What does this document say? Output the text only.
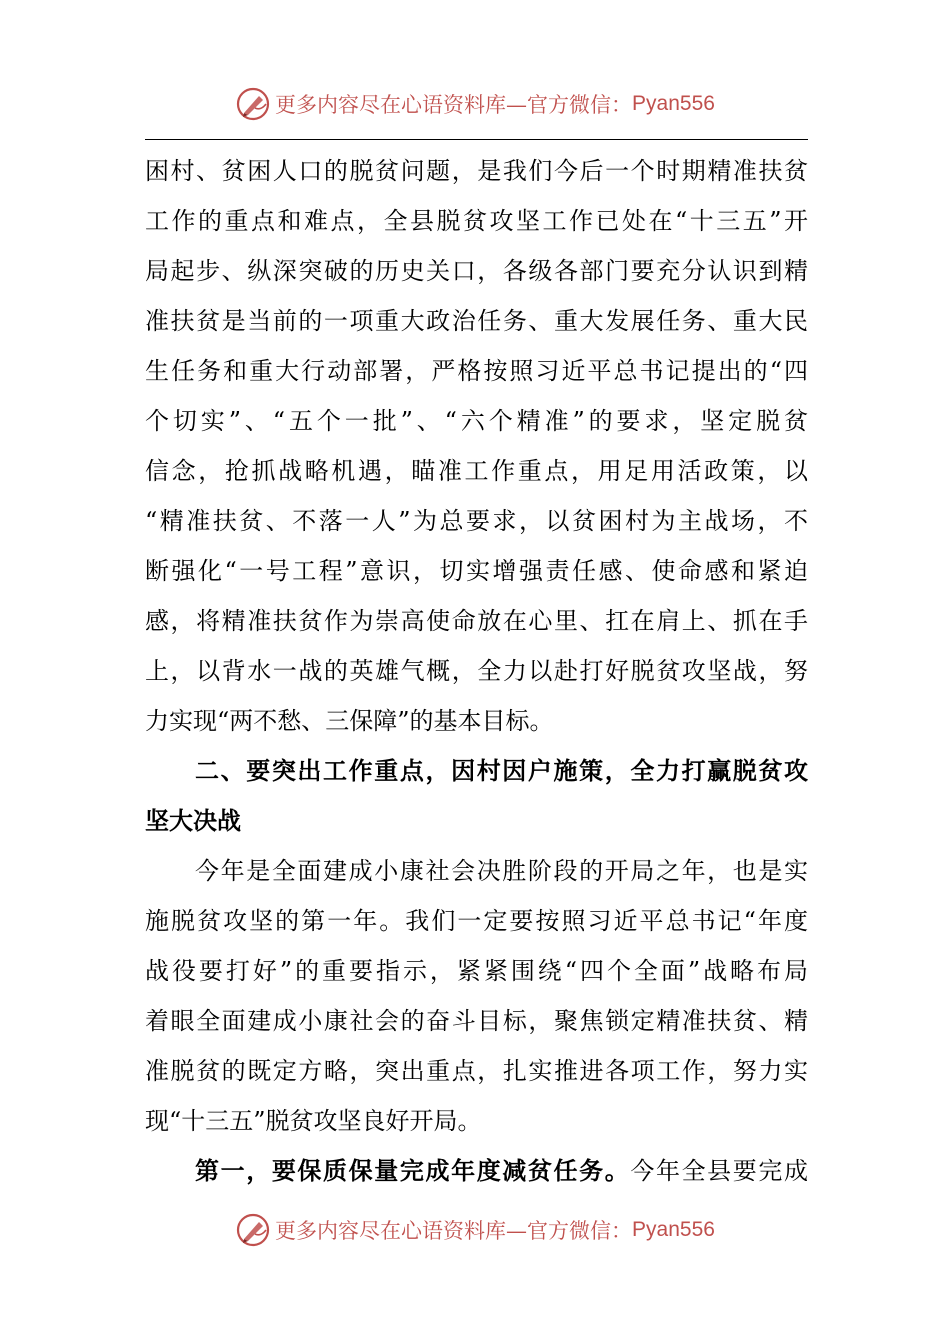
更多内容尽在心语资料库—官方微信： Pyan556
困村、贫困人口的脱贫问题，是我们今后一个时期精准扶贫
工作的重点和难点，全县脱贫攻坚工作已处在“十三五”开
局起步、纵深突破的历史关口，各级各部门要充分认识到精
准扶贫是当前的一项重大政治任务、重大发展任务、重大民
生任务和重大行动部署，严格按照习近平总书记提出的“四
个切实”、“五个一批”、“六个精准”的要求，坚定脱贫
信念，抢抓战略机遇，瞄准工作重点，用足用活政策，以
“精准扶贫、不落一人”为总要求，以贫困村为主战场，不
断强化“一号工程”意识，切实增强责任感、使命感和紧迫
感，将精准扶贫作为崇高使命放在心里、扛在肩上、抓在手
上，以背水一战的英雄气概，全力以赴打好脱贫攻坚战，努
力实现“两不愁、三保障”的基本目标。
二、要突出工作重点，因村因户施策，全力打赢脱贫攻
坚大决战
今年是全面建成小康社会决胜阶段的开局之年，也是实
施脱贫攻坚的第一年。我们一定要按照习近平总书记“年度
战役要打好”的重要指示，紧紧围绕“四个全面”战略布局
着眼全面建成小康社会的奋斗目标，聚焦锁定精准扶贫、精
准脱贫的既定方略，突出重点，扎实推进各项工作，努力实
现“十三五”脱贫攻坚良好开局。
第一，要保质保量完成年度减贫任务。今年全县要完成
更多内容尽在心语资料库—官方微信： Pyan556
